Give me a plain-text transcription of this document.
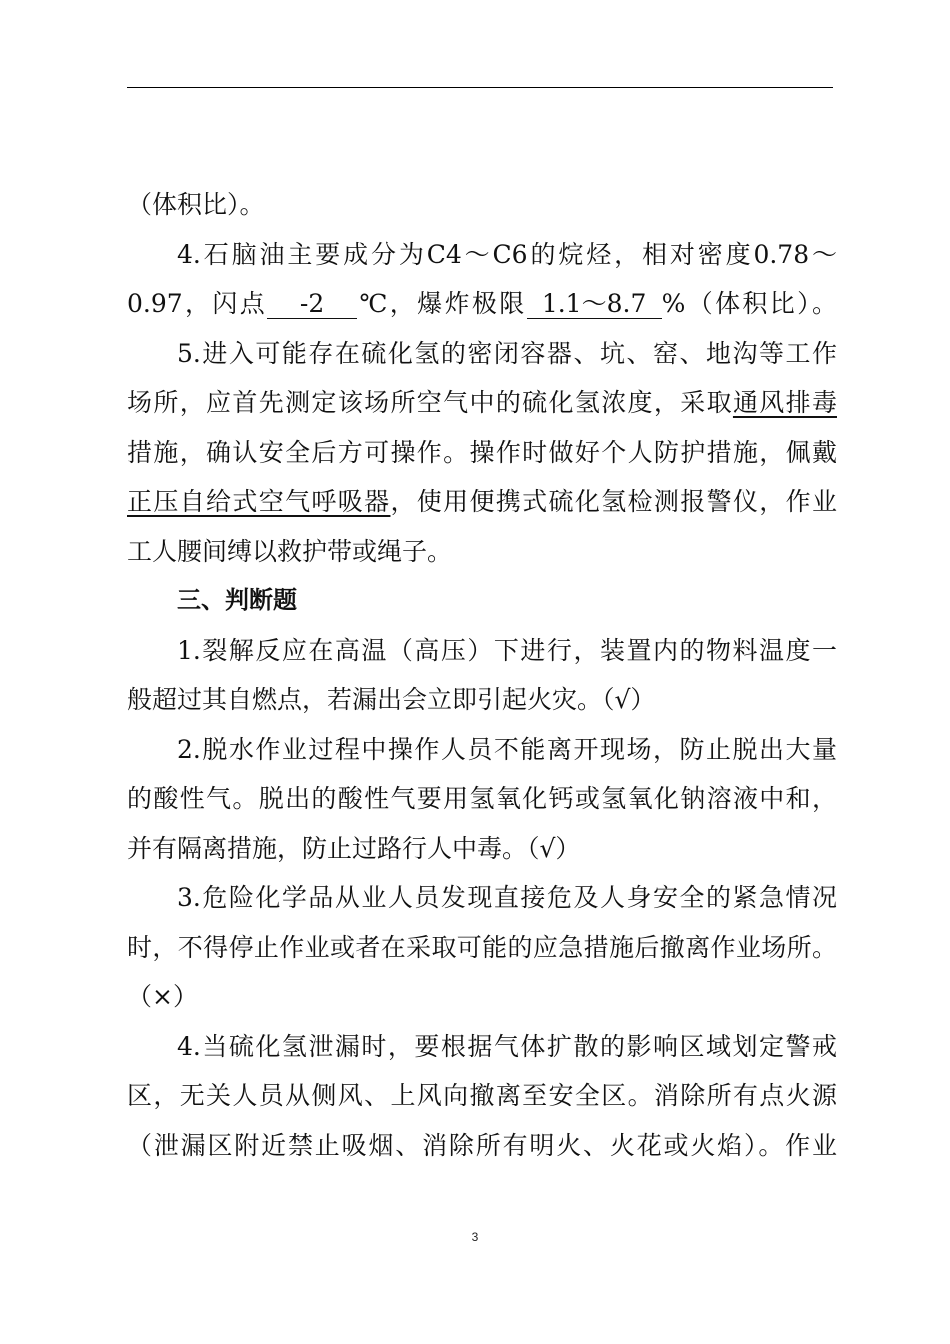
（体积比）。
4.石脑油主要成分为C4～C6的烷烃，相对密度0.78～
0.97，闪点 -2 ℃，爆炸极限 1.1～8.7 %（体积比）。
5.进入可能存在硫化氢的密闭容器、坑、窑、地沟等工作
场所，应首先测定该场所空气中的硫化氢浓度，采取通风排毒
措施，确认安全后方可操作。操作时做好个人防护措施，佩戴
正压自给式空气呼吸器，使用便携式硫化氢检测报警仪，作业
工人腰间缚以救护带或绳子。
三、判断题
1.裂解反应在高温（高压）下进行，装置内的物料温度一
般超过其自燃点，若漏出会立即引起火灾。（√）
2.脱水作业过程中操作人员不能离开现场，防止脱出大量
的酸性气。脱出的酸性气要用氢氧化钙或氢氧化钠溶液中和，
并有隔离措施，防止过路行人中毒。（√）
3.危险化学品从业人员发现直接危及人身安全的紧急情况
时，不得停止作业或者在采取可能的应急措施后撤离作业场所。
（×）
4.当硫化氢泄漏时，要根据气体扩散的影响区域划定警戒
区，无关人员从侧风、上风向撤离至安全区。消除所有点火源
（泄漏区附近禁止吸烟、消除所有明火、火花或火焰）。作业
3
